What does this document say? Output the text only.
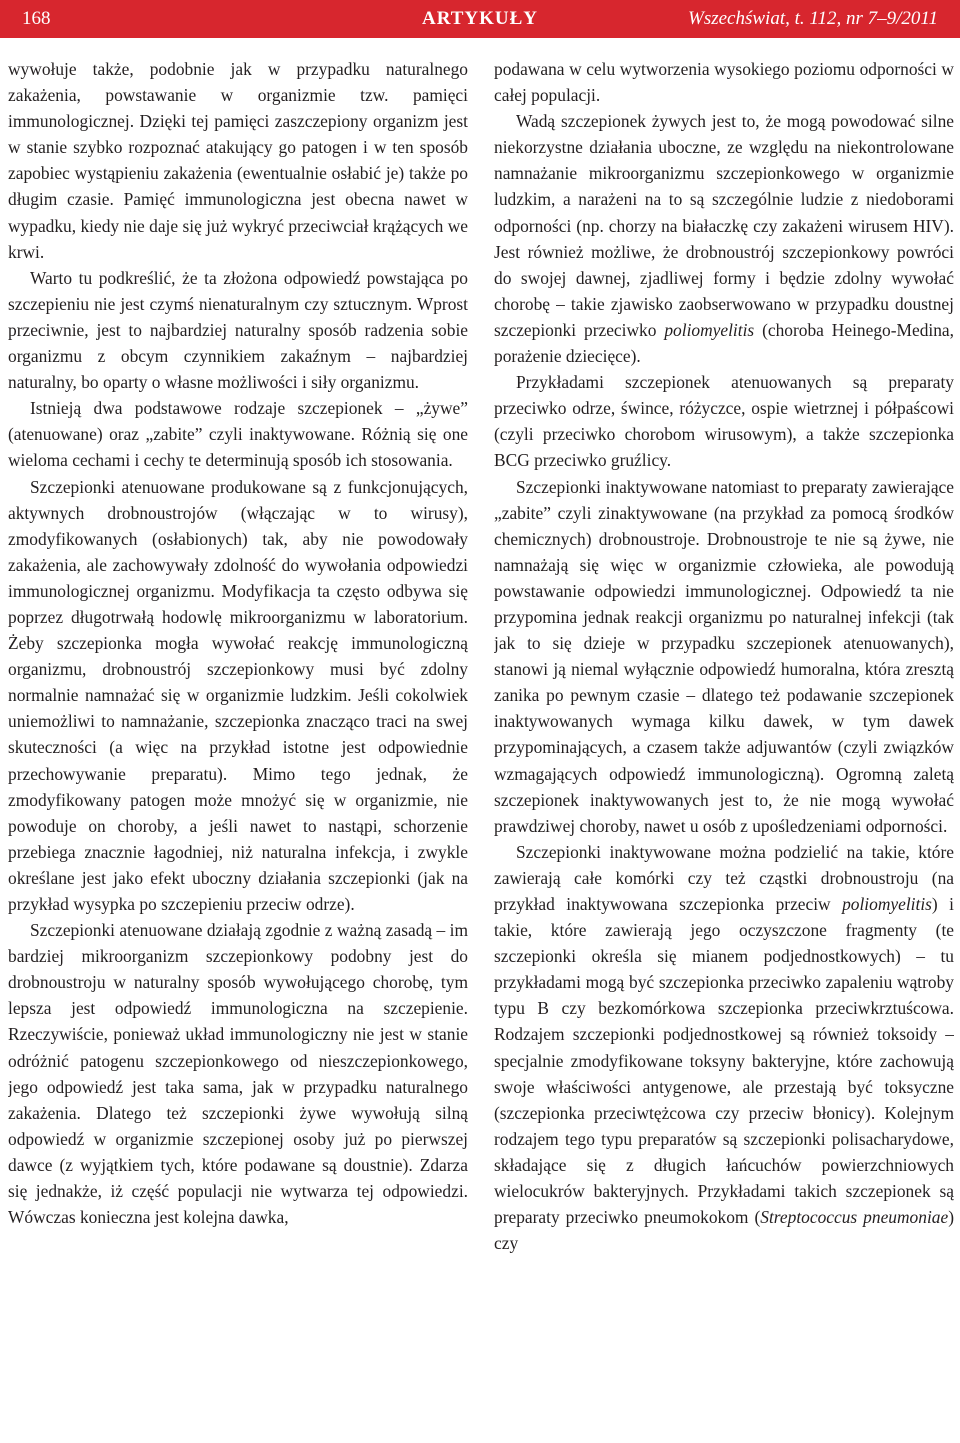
168	ARTYKUŁY	Wszechświat, t. 112, nr 7–9/2011

wywołuje także, podobnie jak w przypadku naturalnego zakażenia, powstawanie w organizmie tzw. pamięci immunologicznej. Dzięki tej pamięci zaszczepiony organizm jest w stanie szybko rozpoznać atakujący go patogen i w ten sposób zapobiec wystąpieniu zakażenia (ewentualnie osłabić je) także po długim czasie. Pamięć immunologiczna jest obecna nawet w wypadku, kiedy nie daje się już wykryć przeciwciał krążących we krwi.

Warto tu podkreślić, że ta złożona odpowiedź powstająca po szczepieniu nie jest czymś nienaturalnym czy sztucznym. Wprost przeciwnie, jest to najbardziej naturalny sposób radzenia sobie organizmu z obcym czynnikiem zakaźnym – najbardziej naturalny, bo oparty o własne możliwości i siły organizmu.

Istnieją dwa podstawowe rodzaje szczepionek – „żywe” (atenuowane) oraz „zabite” czyli inaktywowane. Różnią się one wieloma cechami i cechy te determinują sposób ich stosowania.

Szczepionki atenuowane produkowane są z funkcjonujących, aktywnych drobnoustrojów (włączając w to wirusy), zmodyfikowanych (osłabionych) tak, aby nie powodowały zakażenia, ale zachowywały zdolność do wywołania odpowiedzi immunologicznej organizmu. Modyfikacja ta często odbywa się poprzez długotrwałą hodowlę mikroorganizmu w laboratorium. Żeby szczepionka mogła wywołać reakcję immunologiczną organizmu, drobnoustrój szczepionkowy musi być zdolny normalnie namnażać się w organizmie ludzkim. Jeśli cokolwiek uniemożliwi to namnażanie, szczepionka znacząco traci na swej skuteczności (a więc na przykład istotne jest odpowiednie przechowywanie preparatu). Mimo tego jednak, że zmodyfikowany patogen może mnożyć się w organizmie, nie powoduje on choroby, a jeśli nawet to nastąpi, schorzenie przebiega znacznie łagodniej, niż naturalna infekcja, i zwykle określane jest jako efekt uboczny działania szczepionki (jak na przykład wysypka po szczepieniu przeciw odrze).

Szczepionki atenuowane działają zgodnie z ważną zasadą – im bardziej mikroorganizm szczepionkowy podobny jest do drobnoustroju w naturalny sposób wywołującego chorobę, tym lepsza jest odpowiedź immunologiczna na szczepienie. Rzeczywiście, ponieważ układ immunologiczny nie jest w stanie odróżnić patogenu szczepionkowego od nieszczepionkowego, jego odpowiedź jest taka sama, jak w przypadku naturalnego zakażenia. Dlatego też szczepionki żywe wywołują silną odpowiedź w organizmie szczepionej osoby już po pierwszej dawce (z wyjątkiem tych, które podawane są doustnie). Zdarza się jednakże, iż część populacji nie wytwarza tej odpowiedzi. Wówczas konieczna jest kolejna dawka,

podawana w celu wytworzenia wysokiego poziomu odporności w całej populacji.

Wadą szczepionek żywych jest to, że mogą powodować silne niekorzystne działania uboczne, ze względu na niekontrolowane namnażanie mikroorganizmu szczepionkowego w organizmie ludzkim, a narażeni na to są szczególnie ludzie z niedoborami odporności (np. chorzy na białaczkę czy zakażeni wirusem HIV). Jest również możliwe, że drobnoustrój szczepionkowy powróci do swojej dawnej, zjadliwej formy i będzie zdolny wywołać chorobę – takie zjawisko zaobserwowano w przypadku doustnej szczepionki przeciwko poliomyelitis (choroba Heinego-Medina, porażenie dziecięce).

Przykładami szczepionek atenuowanych są preparaty przeciwko odrze, śwince, różyczce, ospie wietrznej i półpaścowi (czyli przeciwko chorobom wirusowym), a także szczepionka BCG przeciwko gruźlicy.

Szczepionki inaktywowane natomiast to preparaty zawierające „zabite” czyli zinaktywowane (na przykład za pomocą środków chemicznych) drobnoustroje. Drobnoustroje te nie są żywe, nie namnażają się więc w organizmie człowieka, ale powodują powstawanie odpowiedzi immunologicznej. Odpowiedź ta nie przypomina jednak reakcji organizmu po naturalnej infekcji (tak jak to się dzieje w przypadku szczepionek atenuowanych), stanowi ją niemal wyłącznie odpowiedź humoralna, która zresztą zanika po pewnym czasie – dlatego też podawanie szczepionek inaktywowanych wymaga kilku dawek, w tym dawek przypominających, a czasem także adjuwantów (czyli związków wzmagających odpowiedź immunologiczną). Ogromną zaletą szczepionek inaktywowanych jest to, że nie mogą wywołać prawdziwej choroby, nawet u osób z upośledzeniami odporności.

Szczepionki inaktywowane można podzielić na takie, które zawierają całe komórki czy też cząstki drobnoustroju (na przykład inaktywowana szczepionka przeciw poliomyelitis) i takie, które zawierają jego oczyszczone fragmenty (te szczepionki określa się mianem podjednostkowych) – tu przykładami mogą być szczepionka przeciwko zapaleniu wątroby typu B czy bezkomórkowa szczepionka przeciwkrztuścowa. Rodzajem szczepionki podjednostkowej są również toksoidy – specjalnie zmodyfikowane toksyny bakteryjne, które zachowują swoje właściwości antygenowe, ale przestają być toksyczne (szczepionka przeciwtężcowa czy przeciw błonicy). Kolejnym rodzajem tego typu preparatów są szczepionki polisacharydowe, składające się z długich łańcuchów powierzchniowych wielocukrów bakteryjnych. Przykładami takich szczepionek są preparaty przeciwko pneumokokom (Streptococcus pneumoniae) czy
